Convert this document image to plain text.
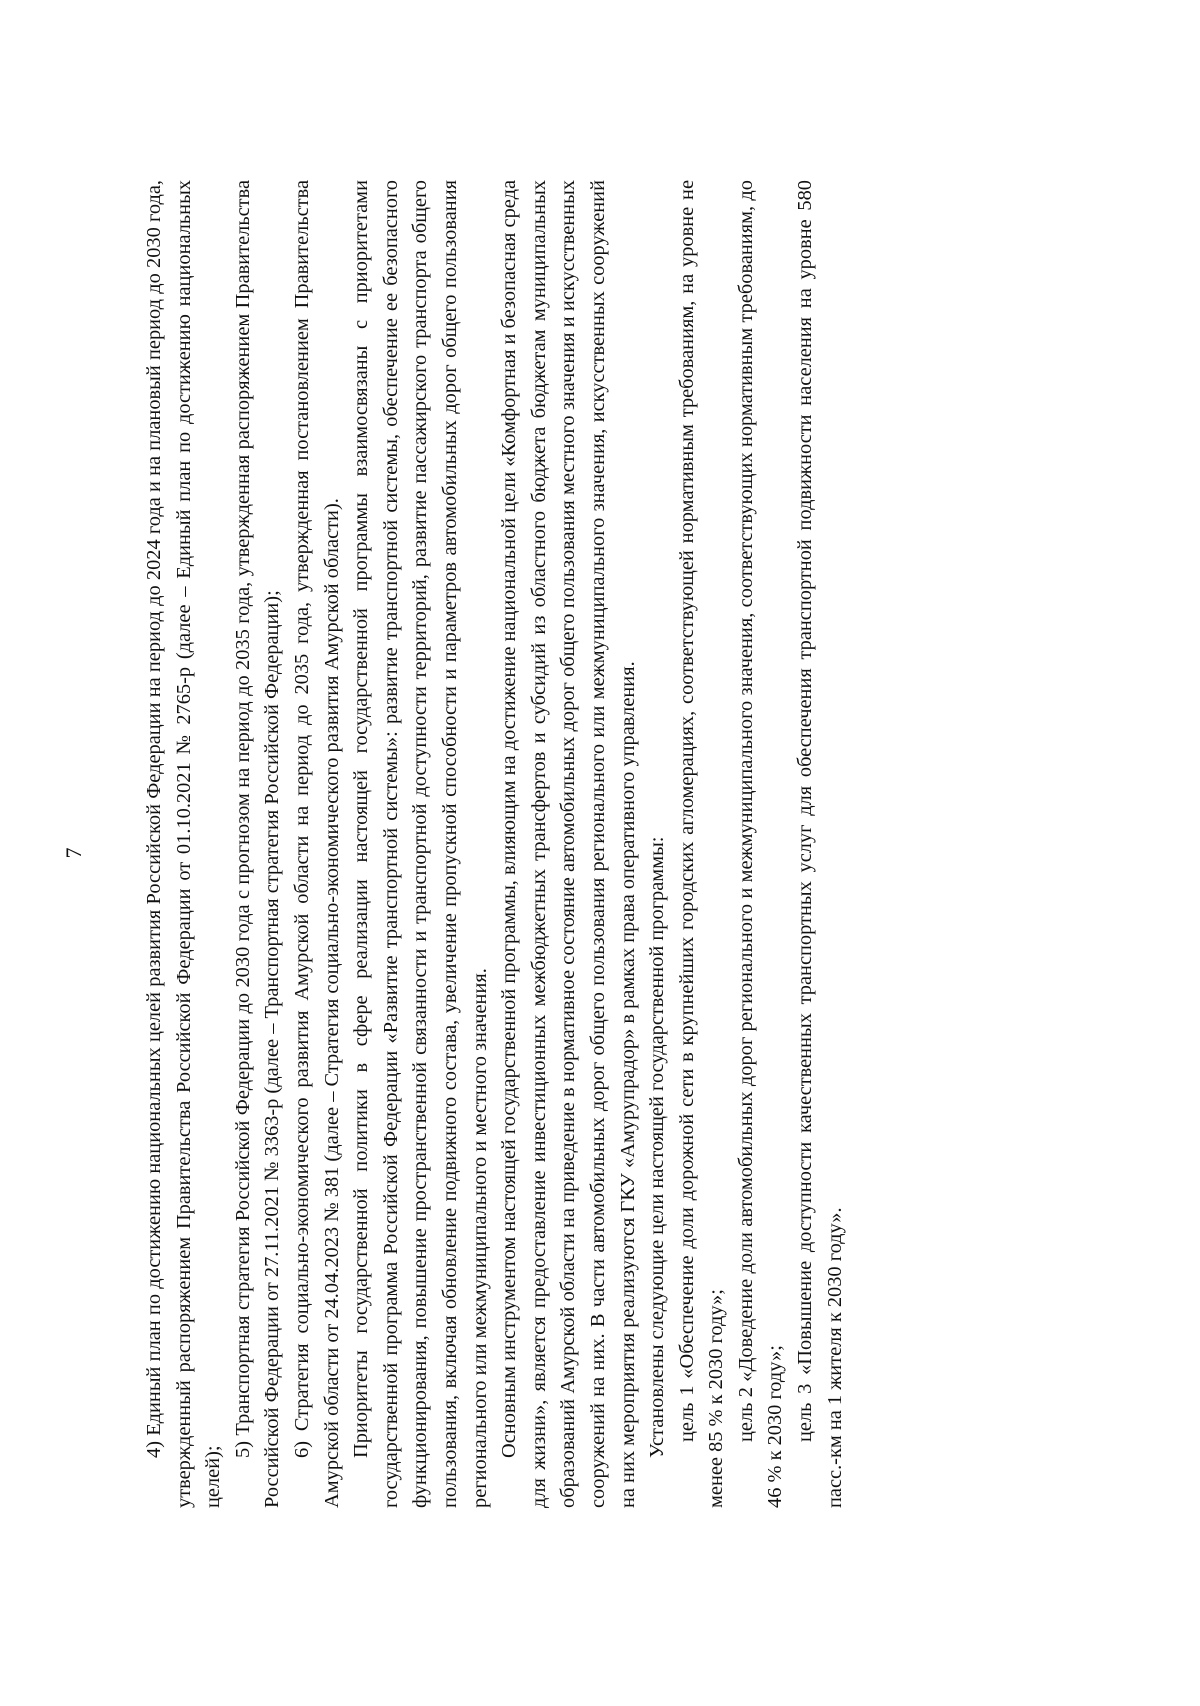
7	4) Единый план по достижению национальных целей развития Российской Федерации на период до 2024 года и на плановый период до 2030 года, утвержденный распоряжением Правительства Российской Федерации от 01.10.2021 № 2765-р (далее – Единый план по достижению национальных целей);

5) Транспортная стратегия Российской Федерации до 2030 года с прогнозом на период до 2035 года, утвержденная распоряжением Правительства Российской Федерации от 27.11.2021 № 3363-р (далее – Транспортная стратегия Российской Федерации); 6) Стратегия социально-экономического развития Амурской области на период до 2035 года, утвержденная постановлением Правительства Амурской области от 24.04.2023 № 381 (далее – Стратегия социально-экономического развития Амурской области). Приоритеты государственной политики в сфере реализации настоящей государственной программы взаимосвязаны с приоритетами государственной программа Российской Федерации «Развитие транспортной системы»: развитие транспортной системы, обеспечение ее безопасного функционирования, повышение пространственной связанности и транспортной доступности территорий, развитие пассажирского транспорта общего пользования, включая обновление подвижного состава, увеличение пропускной способности и параметров автомобильных дорог общего пользования регионального или межмуниципального и местного значения. Основным инструментом настоящей государственной программы, влияющим на достижение национальной цели «Комфортная и безопасная среда для жизни», является предоставление инвестиционных межбюджетных трансфертов и субсидий из областного бюджета бюджетам муниципальных образований Амурской области на приведение в нормативное состояние автомобильных дорог общего пользования местного значения и искусственных сооружений на них. В части автомобильных дорог общего пользования регионального или межмуниципального значения, искусственных сооружений на них мероприятия реализуются ГКУ «Амурупрадор» в рамках права оперативного управления. Установлены следующие цели настоящей государственной программы: цель 1 «Обеспечение доли дорожной сети в крупнейших городских агломерациях, соответствующей нормативным требованиям, на уровне не менее 85 % к 2030 году»; цель 2 «Доведение доли автомобильных дорог регионального и межмуниципального значения, соответствующих нормативным требованиям, до 46 % к 2030 году»; цель 3 «Повышение доступности качественных транспортных услуг для обеспечения транспортной подвижности населения на уровне 580 пасс.-км на 1 жителя к 2030 году».
